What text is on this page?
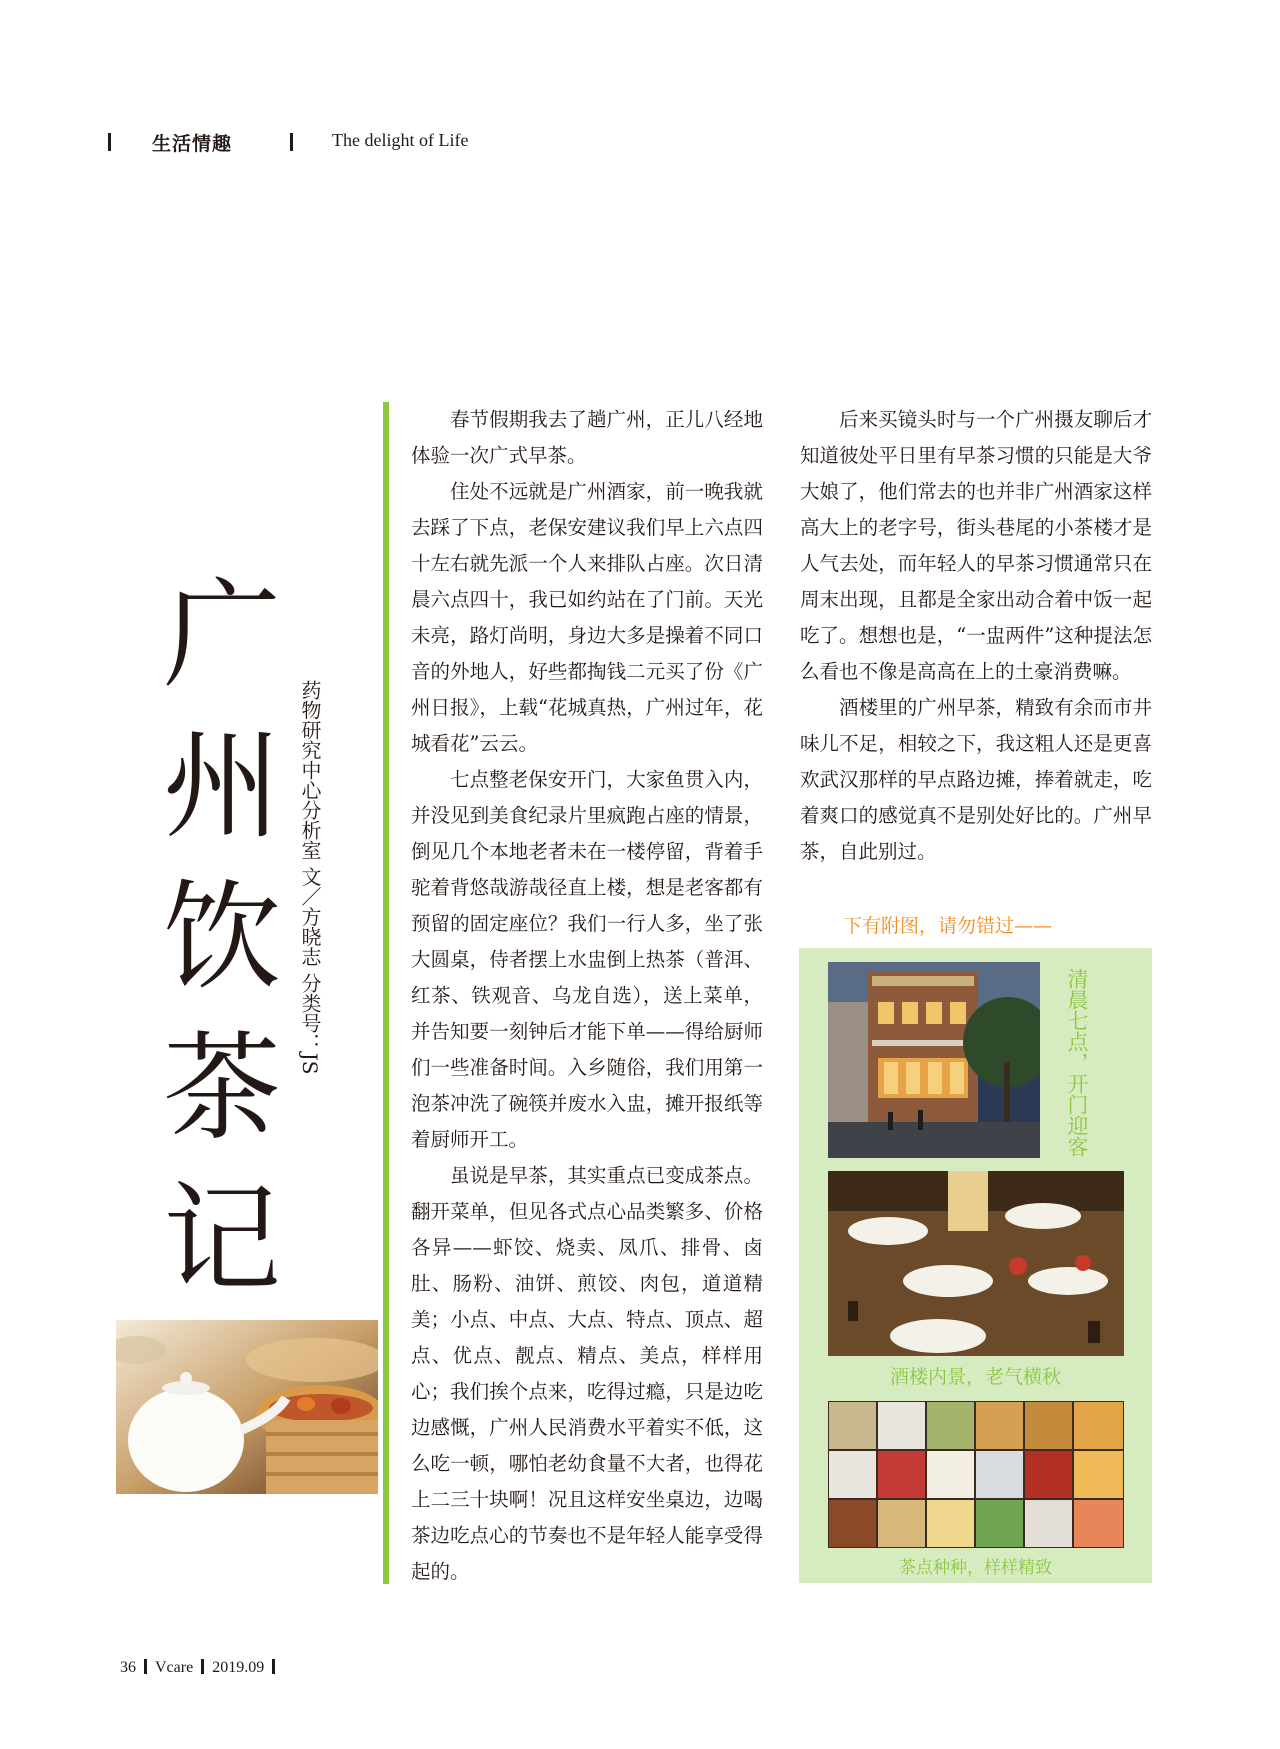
生活情趣	The delight of Life
广
州
饮
茶
记
药物研究中心分析室 文／方晓志 分类号：JS

春节假期我去了趟广州，正儿八经地体验一次广式早茶。

住处不远就是广州酒家，前一晚我就去踩了下点，老保安建议我们早上六点四十左右就先派一个人来排队占座。次日清晨六点四十，我已如约站在了门前。天光未亮，路灯尚明，身边大多是操着不同口音的外地人，好些都掏钱二元买了份《广州日报》，上载“花城真热，广州过年，花城看花”云云。

七点整老保安开门，大家鱼贯入内，并没见到美食纪录片里疯跑占座的情景，倒见几个本地老者未在一楼停留，背着手驼着背悠哉游哉径直上楼，想是老客都有预留的固定座位？我们一行人多，坐了张大圆桌，侍者摆上水盅倒上热茶（普洱、红茶、铁观音、乌龙自选），送上菜单，并告知要一刻钟后才能下单——得给厨师们一些准备时间。入乡随俗，我们用第一泡茶冲洗了碗筷并废水入盅，摊开报纸等着厨师开工。

虽说是早茶，其实重点已变成茶点。翻开菜单，但见各式点心品类繁多、价格各异——虾饺、烧卖、凤爪、排骨、卤肚、肠粉、油饼、煎饺、肉包，道道精美；小点、中点、大点、特点、顶点、超点、优点、靓点、精点、美点，样样用心；我们挨个点来，吃得过瘾，只是边吃边感慨，广州人民消费水平着实不低，这么吃一顿，哪怕老幼食量不大者，也得花上二三十块啊！况且这样安坐桌边，边喝茶边吃点心的节奏也不是年轻人能享受得起的。

后来买镜头时与一个广州摄友聊后才知道彼处平日里有早茶习惯的只能是大爷大娘了，他们常去的也并非广州酒家这样高大上的老字号，街头巷尾的小茶楼才是人气去处，而年轻人的早茶习惯通常只在周末出现，且都是全家出动合着中饭一起吃了。想想也是，“一盅两件”这种提法怎么看也不像是高高在上的土豪消费嘛。

酒楼里的广州早茶，精致有余而市井味儿不足，相较之下，我这粗人还是更喜欢武汉那样的早点路边摊，捧着就走，吃着爽口的感觉真不是别处好比的。广州早茶，自此别过。

下有附图，请勿错过——
清晨七点，开门迎客
酒楼内景，老气横秋
茶点种种，样样精致
36 Vcare 2019.09
